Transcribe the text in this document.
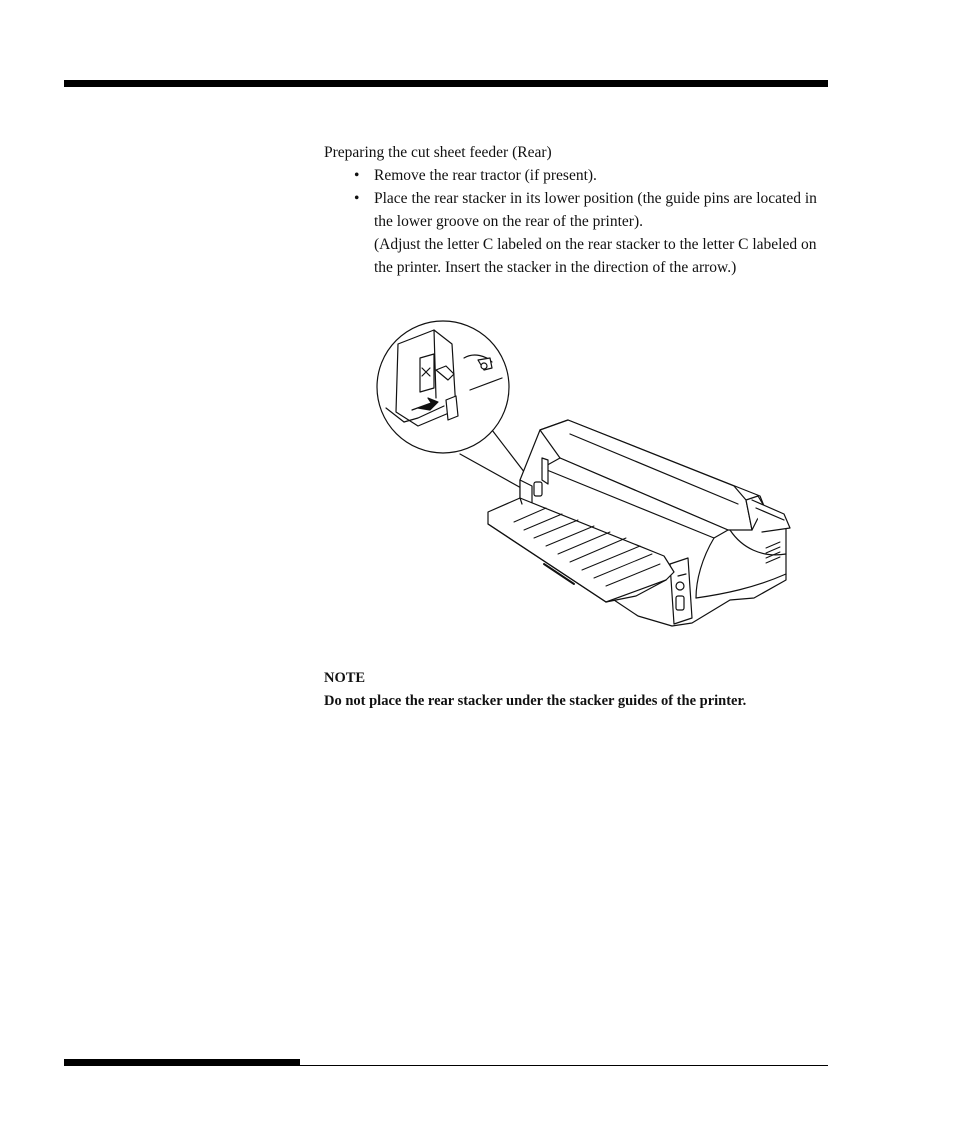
Preparing the cut sheet feeder (Rear)

• Remove the rear tractor (if present).
• Place the rear stacker in its lower position (the guide pins are located in the lower groove on the rear of the printer).
(Adjust the letter C labeled on the rear stacker to the letter C labeled on the printer. Insert the stacker in the direction of the arrow.)

NOTE

Do not place the rear stacker under the stacker guides of the printer.
